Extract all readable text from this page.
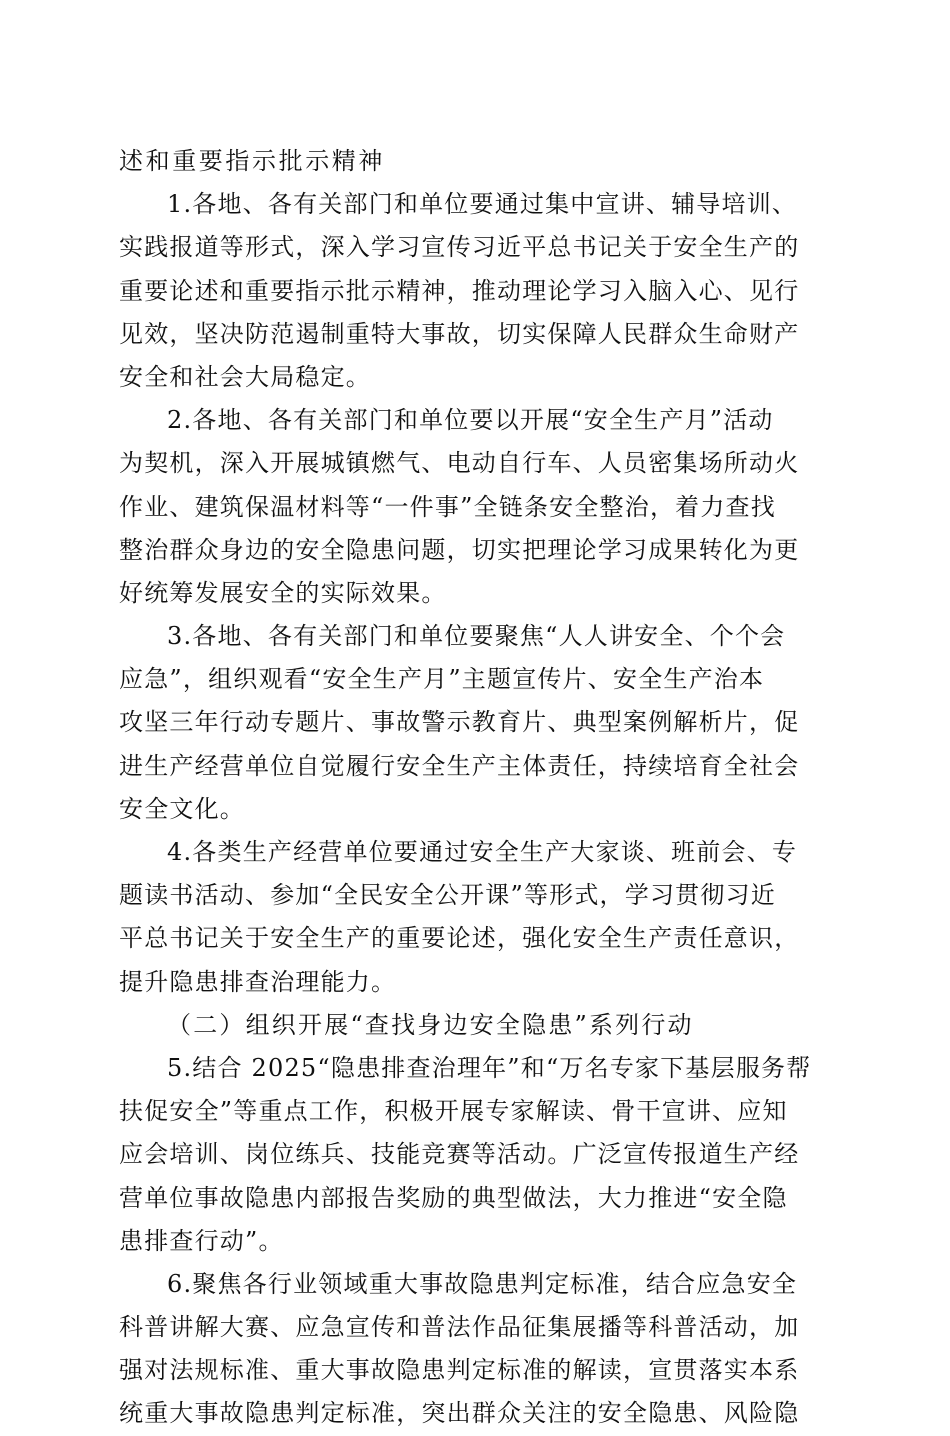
述和重要指示批示精神
1.各地、各有关部门和单位要通过集中宣讲、辅导培训、
实践报道等形式，深入学习宣传习近平总书记关于安全生产的
重要论述和重要指示批示精神，推动理论学习入脑入心、见行
见效，坚决防范遏制重特大事故，切实保障人民群众生命财产
安全和社会大局稳定。
2.各地、各有关部门和单位要以开展“安全生产月”活动
为契机，深入开展城镇燃气、电动自行车、人员密集场所动火
作业、建筑保温材料等“一件事”全链条安全整治，着力查找
整治群众身边的安全隐患问题，切实把理论学习成果转化为更
好统筹发展安全的实际效果。
3.各地、各有关部门和单位要聚焦“人人讲安全、个个会
应急”，组织观看“安全生产月”主题宣传片、安全生产治本
攻坚三年行动专题片、事故警示教育片、典型案例解析片，促
进生产经营单位自觉履行安全生产主体责任，持续培育全社会
安全文化。
4.各类生产经营单位要通过安全生产大家谈、班前会、专
题读书活动、参加“全民安全公开课”等形式，学习贯彻习近
平总书记关于安全生产的重要论述，强化安全生产责任意识，
提升隐患排查治理能力。
（二）组织开展“查找身边安全隐患”系列行动
5.结合 2025“隐患排查治理年”和“万名专家下基层服务帮
扶促安全”等重点工作，积极开展专家解读、骨干宣讲、应知
应会培训、岗位练兵、技能竞赛等活动。广泛宣传报道生产经
营单位事故隐患内部报告奖励的典型做法，大力推进“安全隐
患排查行动”。
6.聚焦各行业领域重大事故隐患判定标准，结合应急安全
科普讲解大赛、应急宣传和普法作品征集展播等科普活动，加
强对法规标准、重大事故隐患判定标准的解读，宣贯落实本系
统重大事故隐患判定标准，突出群众关注的安全隐患、风险隐
